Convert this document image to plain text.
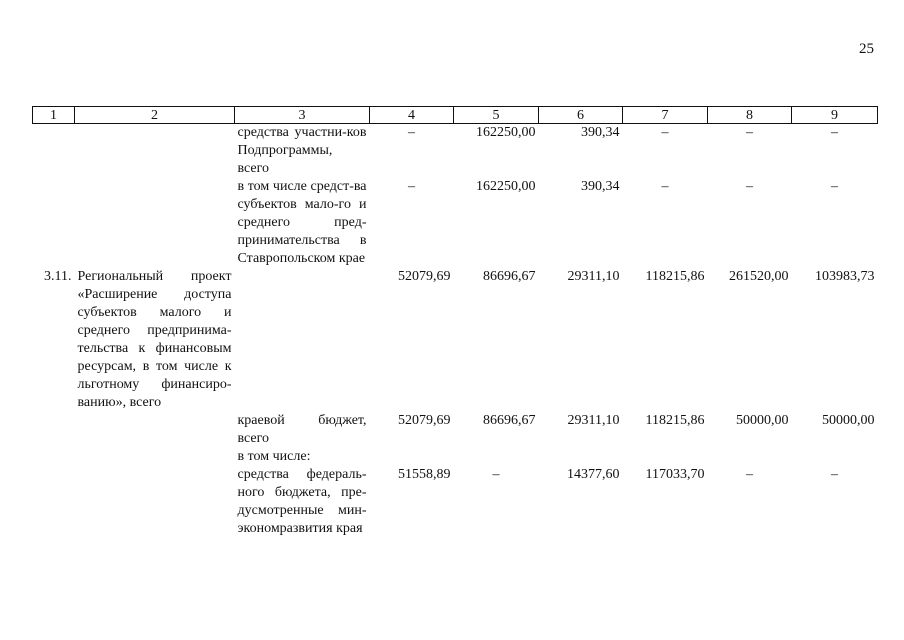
25
1	2	3	4	5	6	7	8	9
		средства участни-ков Подпрограммы, всего	–	162250,00	390,34	–	–	–
		в том числе средст-ва субъектов мало-го и среднего пред-принимательства в Ставропольском крае	–	162250,00	390,34	–	–	–
3.11.	Региональный проект «Расширение доступа субъектов малого и среднего предпринима-тельства к финансовым ресурсам, в том числе к льготному финансиро-ванию», всего		52079,69	86696,67	29311,10	118215,86	261520,00	103983,73
		краевой бюджет, всего	52079,69	86696,67	29311,10	118215,86	50000,00	50000,00
		в том числе:						
		средства федераль-ного бюджета, пре-дусмотренные мин-экономразвития края	51558,89	–	14377,60	117033,70	–	–
